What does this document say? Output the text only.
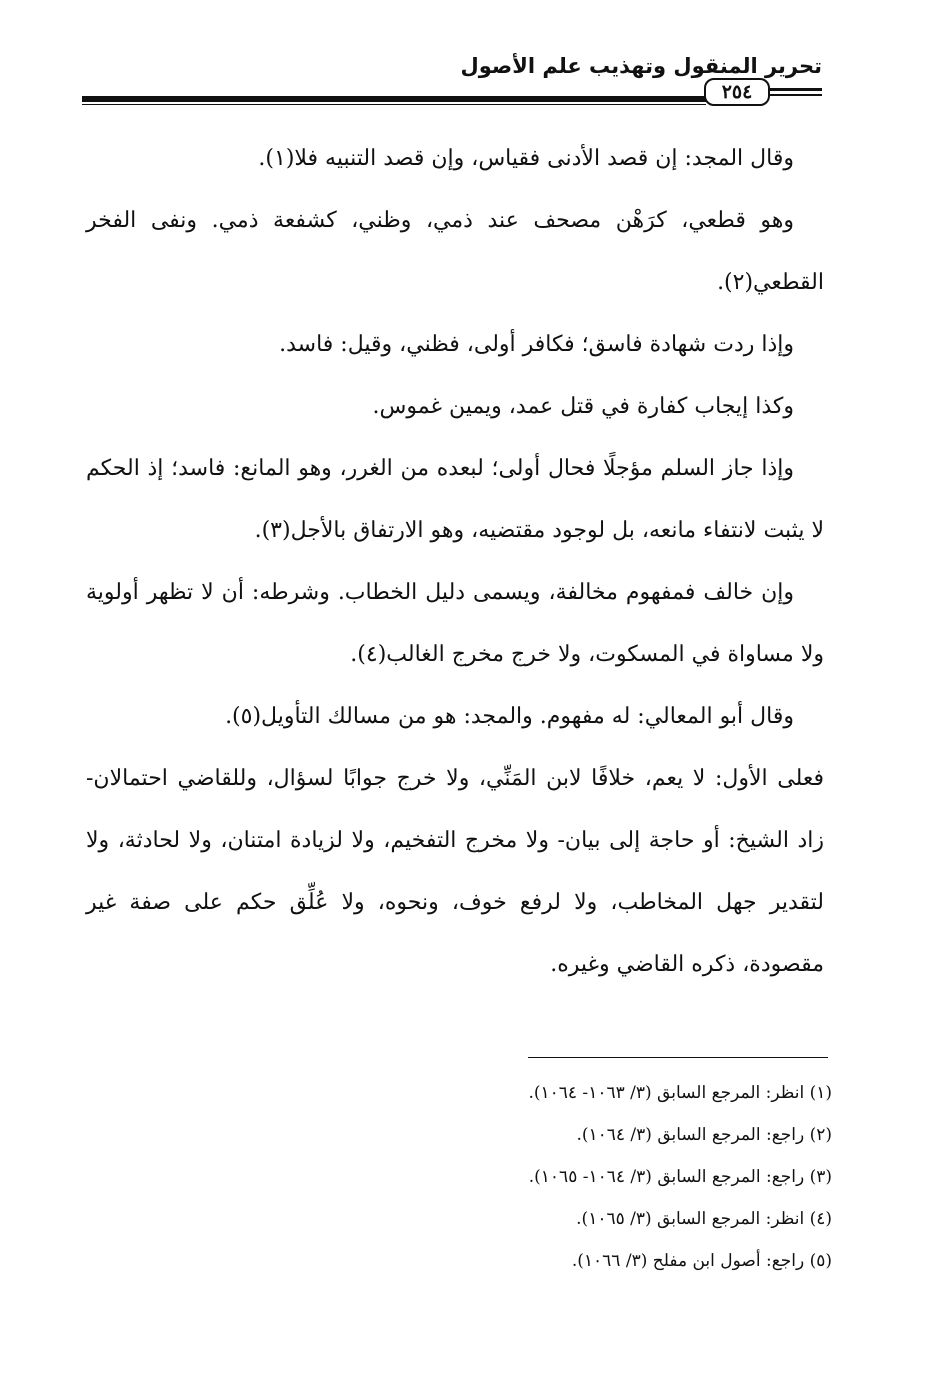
تحرير المنقول وتهذيب علم الأصول
٢٥٤

وقال المجد: إن قصد الأدنى فقياس، وإن قصد التنبيه فلا(١).

وهو قطعي، كرَهْن مصحف عند ذمي، وظني، كشفعة ذمي. ونفى الفخر القطعي(٢).

وإذا ردت شهادة فاسق؛ فكافر أولى، فظني، وقيل: فاسد.

وكذا إيجاب كفارة في قتل عمد، ويمين غموس.

وإذا جاز السلم مؤجلًا فحال أولى؛ لبعده من الغرر، وهو المانع: فاسد؛ إذ الحكم لا يثبت لانتفاء مانعه، بل لوجود مقتضيه، وهو الارتفاق بالأجل(٣).

وإن خالف فمفهوم مخالفة، ويسمى دليل الخطاب. وشرطه: أن لا تظهر أولوية ولا مساواة في المسكوت، ولا خرج مخرج الغالب(٤).

وقال أبو المعالي: له مفهوم. والمجد: هو من مسالك التأويل(٥).

فعلى الأول: لا يعم، خلافًا لابن المَنِّي، ولا خرج جوابًا لسؤال، وللقاضي احتمالان- زاد الشيخ: أو حاجة إلى بيان- ولا مخرج التفخيم، ولا لزيادة امتنان، ولا لحادثة، ولا لتقدير جهل المخاطب، ولا لرفع خوف، ونحوه، ولا عُلِّق حكم على صفة غير مقصودة، ذكره القاضي وغيره.

(١) انظر: المرجع السابق (٣/ ١٠٦٣- ١٠٦٤).
(٢) راجع: المرجع السابق (٣/ ١٠٦٤).
(٣) راجع: المرجع السابق (٣/ ١٠٦٤- ١٠٦٥).
(٤) انظر: المرجع السابق (٣/ ١٠٦٥).
(٥) راجع: أصول ابن مفلح (٣/ ١٠٦٦).
